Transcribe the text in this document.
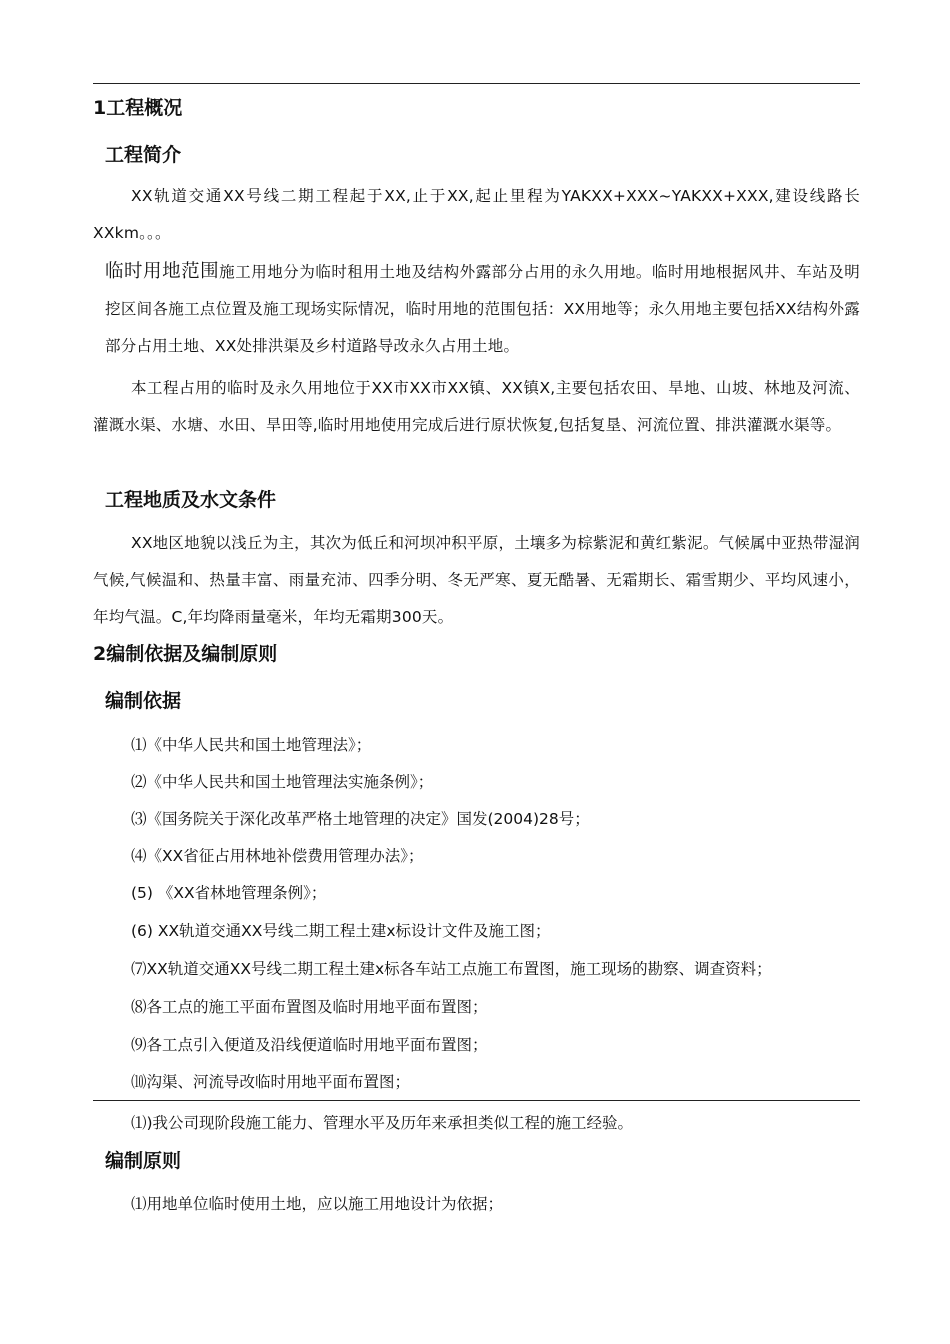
1工程概况
工程简介

XX轨道交通XX号线二期工程起于XX,止于XX,起止里程为YAKXX+XXX~YAKXX+XXX,建设线路长XXkm。。。

临时用地范围施工用地分为临时租用土地及结构外露部分占用的永久用地。临时用地根据风井、车站及明挖区间各施工点位置及施工现场实际情况，临时用地的范围包括：XX用地等；永久用地主要包括XX结构外露部分占用土地、XX处排洪渠及乡村道路导改永久占用土地。

本工程占用的临时及永久用地位于XX市XX市XX镇、XX镇X,主要包括农田、旱地、山坡、林地及河流、灌溉水渠、水塘、水田、旱田等,临时用地使用完成后进行原状恢复,包括复垦、河流位置、排洪灌溉水渠等。

工程地质及水文条件

XX地区地貌以浅丘为主，其次为低丘和河坝冲积平原，土壤多为棕紫泥和黄红紫泥。气候属中亚热带湿润气候,气候温和、热量丰富、雨量充沛、四季分明、冬无严寒、夏无酷暑、无霜期长、霜雪期少、平均风速小，年均气温。C,年均降雨量毫米，年均无霜期300天。

2编制依据及编制原则
编制依据
⑴《中华人民共和国土地管理法》；
⑵《中华人民共和国土地管理法实施条例》；
⑶《国务院关于深化改革严格土地管理的决定》国发(2004)28号；
⑷《XX省征占用林地补偿费用管理办法》；
(5) 《XX省林地管理条例》；
(6) XX轨道交通XX号线二期工程土建x标设计文件及施工图；
⑺XX轨道交通XX号线二期工程土建x标各车站工点施工布置图，施工现场的勘察、调查资料；
⑻各工点的施工平面布置图及临时用地平面布置图；
⑼各工点引入便道及沿线便道临时用地平面布置图；
⑽沟渠、河流导改临时用地平面布置图；
⑴)我公司现阶段施工能力、管理水平及历年来承担类似工程的施工经验。
编制原则
⑴用地单位临时使用土地，应以施工用地设计为依据；
